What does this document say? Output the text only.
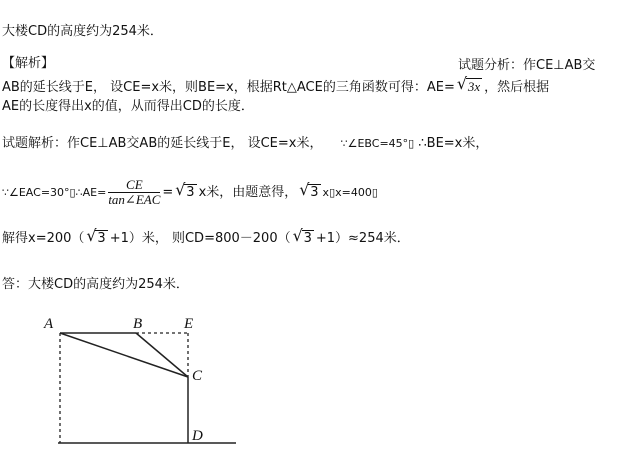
大楼CD的高度约为254米．
【解析】	试题分析：作CE⊥AB交
AB的延长线于E， 设CE=x米，则BE=x，根据Rt△ACE的三角函数可得：AE= √ 3x ，然后根据
AE的长度得出x的值，从而得出CD的长度．
试题解析：作CE⊥AB交AB的延长线于E， 设CE=x米， ∵∠EBC=45°▯ ∴BE=x米，
∵∠EAC=30°▯∴AE= $\frac{CE}{\text{tan∠EAC}}$ = √ 3 x米，由题意得， √ 3 x▯x=400▯
解得x=200（ √ 3 +1）米， 则CD=800－200（ √ 3 +1）≈254米．
答：大楼CD的高度约为254米．
A	B	E
C
D
